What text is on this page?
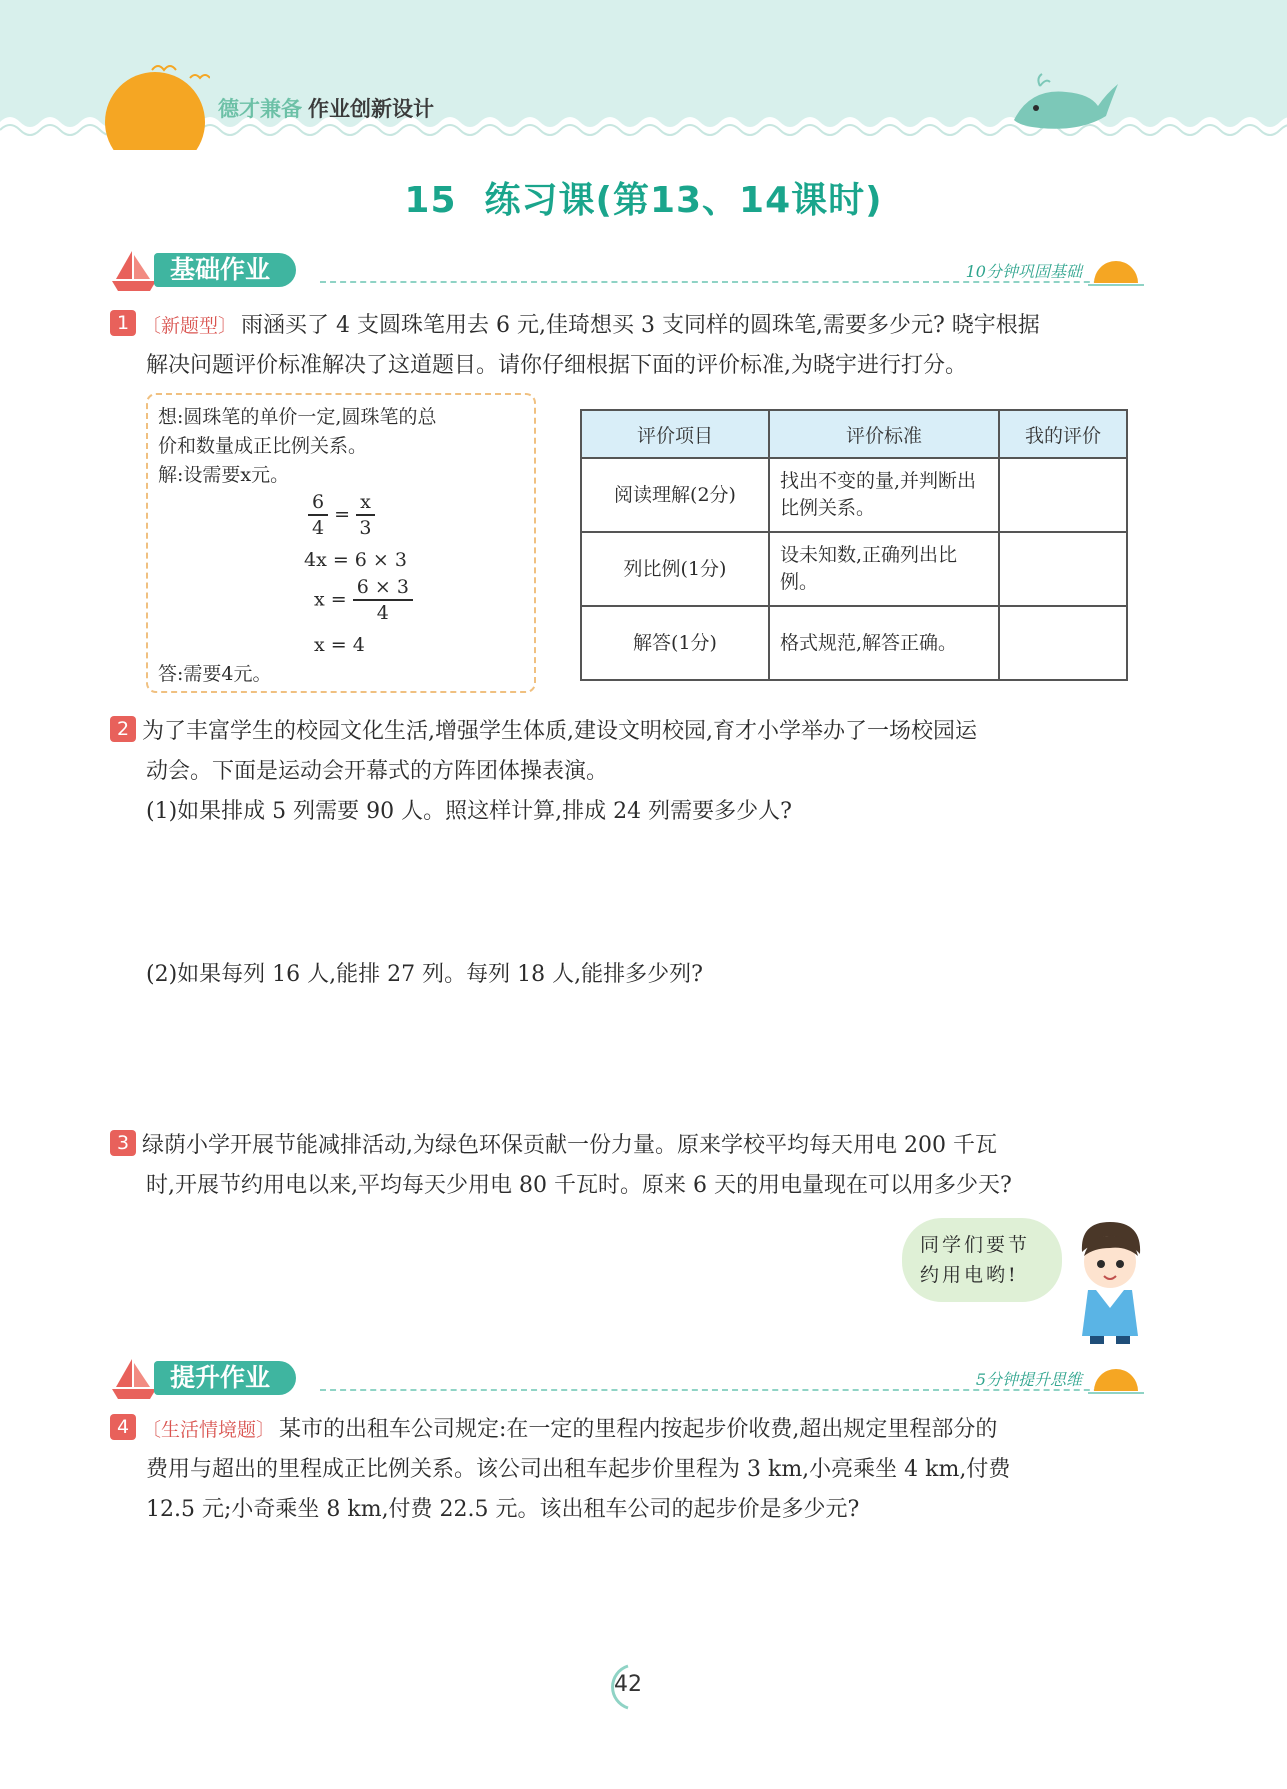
德才兼备 作业创新设计
15 练习课(第13、14课时)
基础作业	10分钟巩固基础

1 〔新题型〕 雨涵买了 4 支圆珠笔用去 6 元,佳琦想买 3 支同样的圆珠笔,需要多少元? 晓宇根据

解决问题评价标准解决了这道题目。请你仔细根据下面的评价标准,为晓宇进行打分。

想:圆珠笔的单价一定,圆珠笔的总
价和数量成正比例关系。
解:设需要x元。
$\frac{6}{4} = \frac{x}{3}$
4x = 6 × 3
$x = \frac{6 \times 3}{4}$
x = 4
答:需要4元。
评价项目	评价标准	我的评价
阅读理解(2分)	找出不变的量,并判断出比例关系。	
列比例(1分)	设未知数,正确列出比例。	
解答(1分)	格式规范,解答正确。	

2 为了丰富学生的校园文化生活,增强学生体质,建设文明校园,育才小学举办了一场校园运

动会。下面是运动会开幕式的方阵团体操表演。

(1)如果排成 5 列需要 90 人。照这样计算,排成 24 列需要多少人?

(2)如果每列 16 人,能排 27 列。每列 18 人,能排多少列?

3 绿荫小学开展节能减排活动,为绿色环保贡献一份力量。原来学校平均每天用电 200 千瓦

时,开展节约用电以来,平均每天少用电 80 千瓦时。原来 6 天的用电量现在可以用多少天?

同学们要节
约用电哟!
提升作业	5分钟提升思维

4 〔生活情境题〕 某市的出租车公司规定:在一定的里程内按起步价收费,超出规定里程部分的

费用与超出的里程成正比例关系。该公司出租车起步价里程为 3 km,小亮乘坐 4 km,付费

12.5 元;小奇乘坐 8 km,付费 22.5 元。该出租车公司的起步价是多少元?

42
